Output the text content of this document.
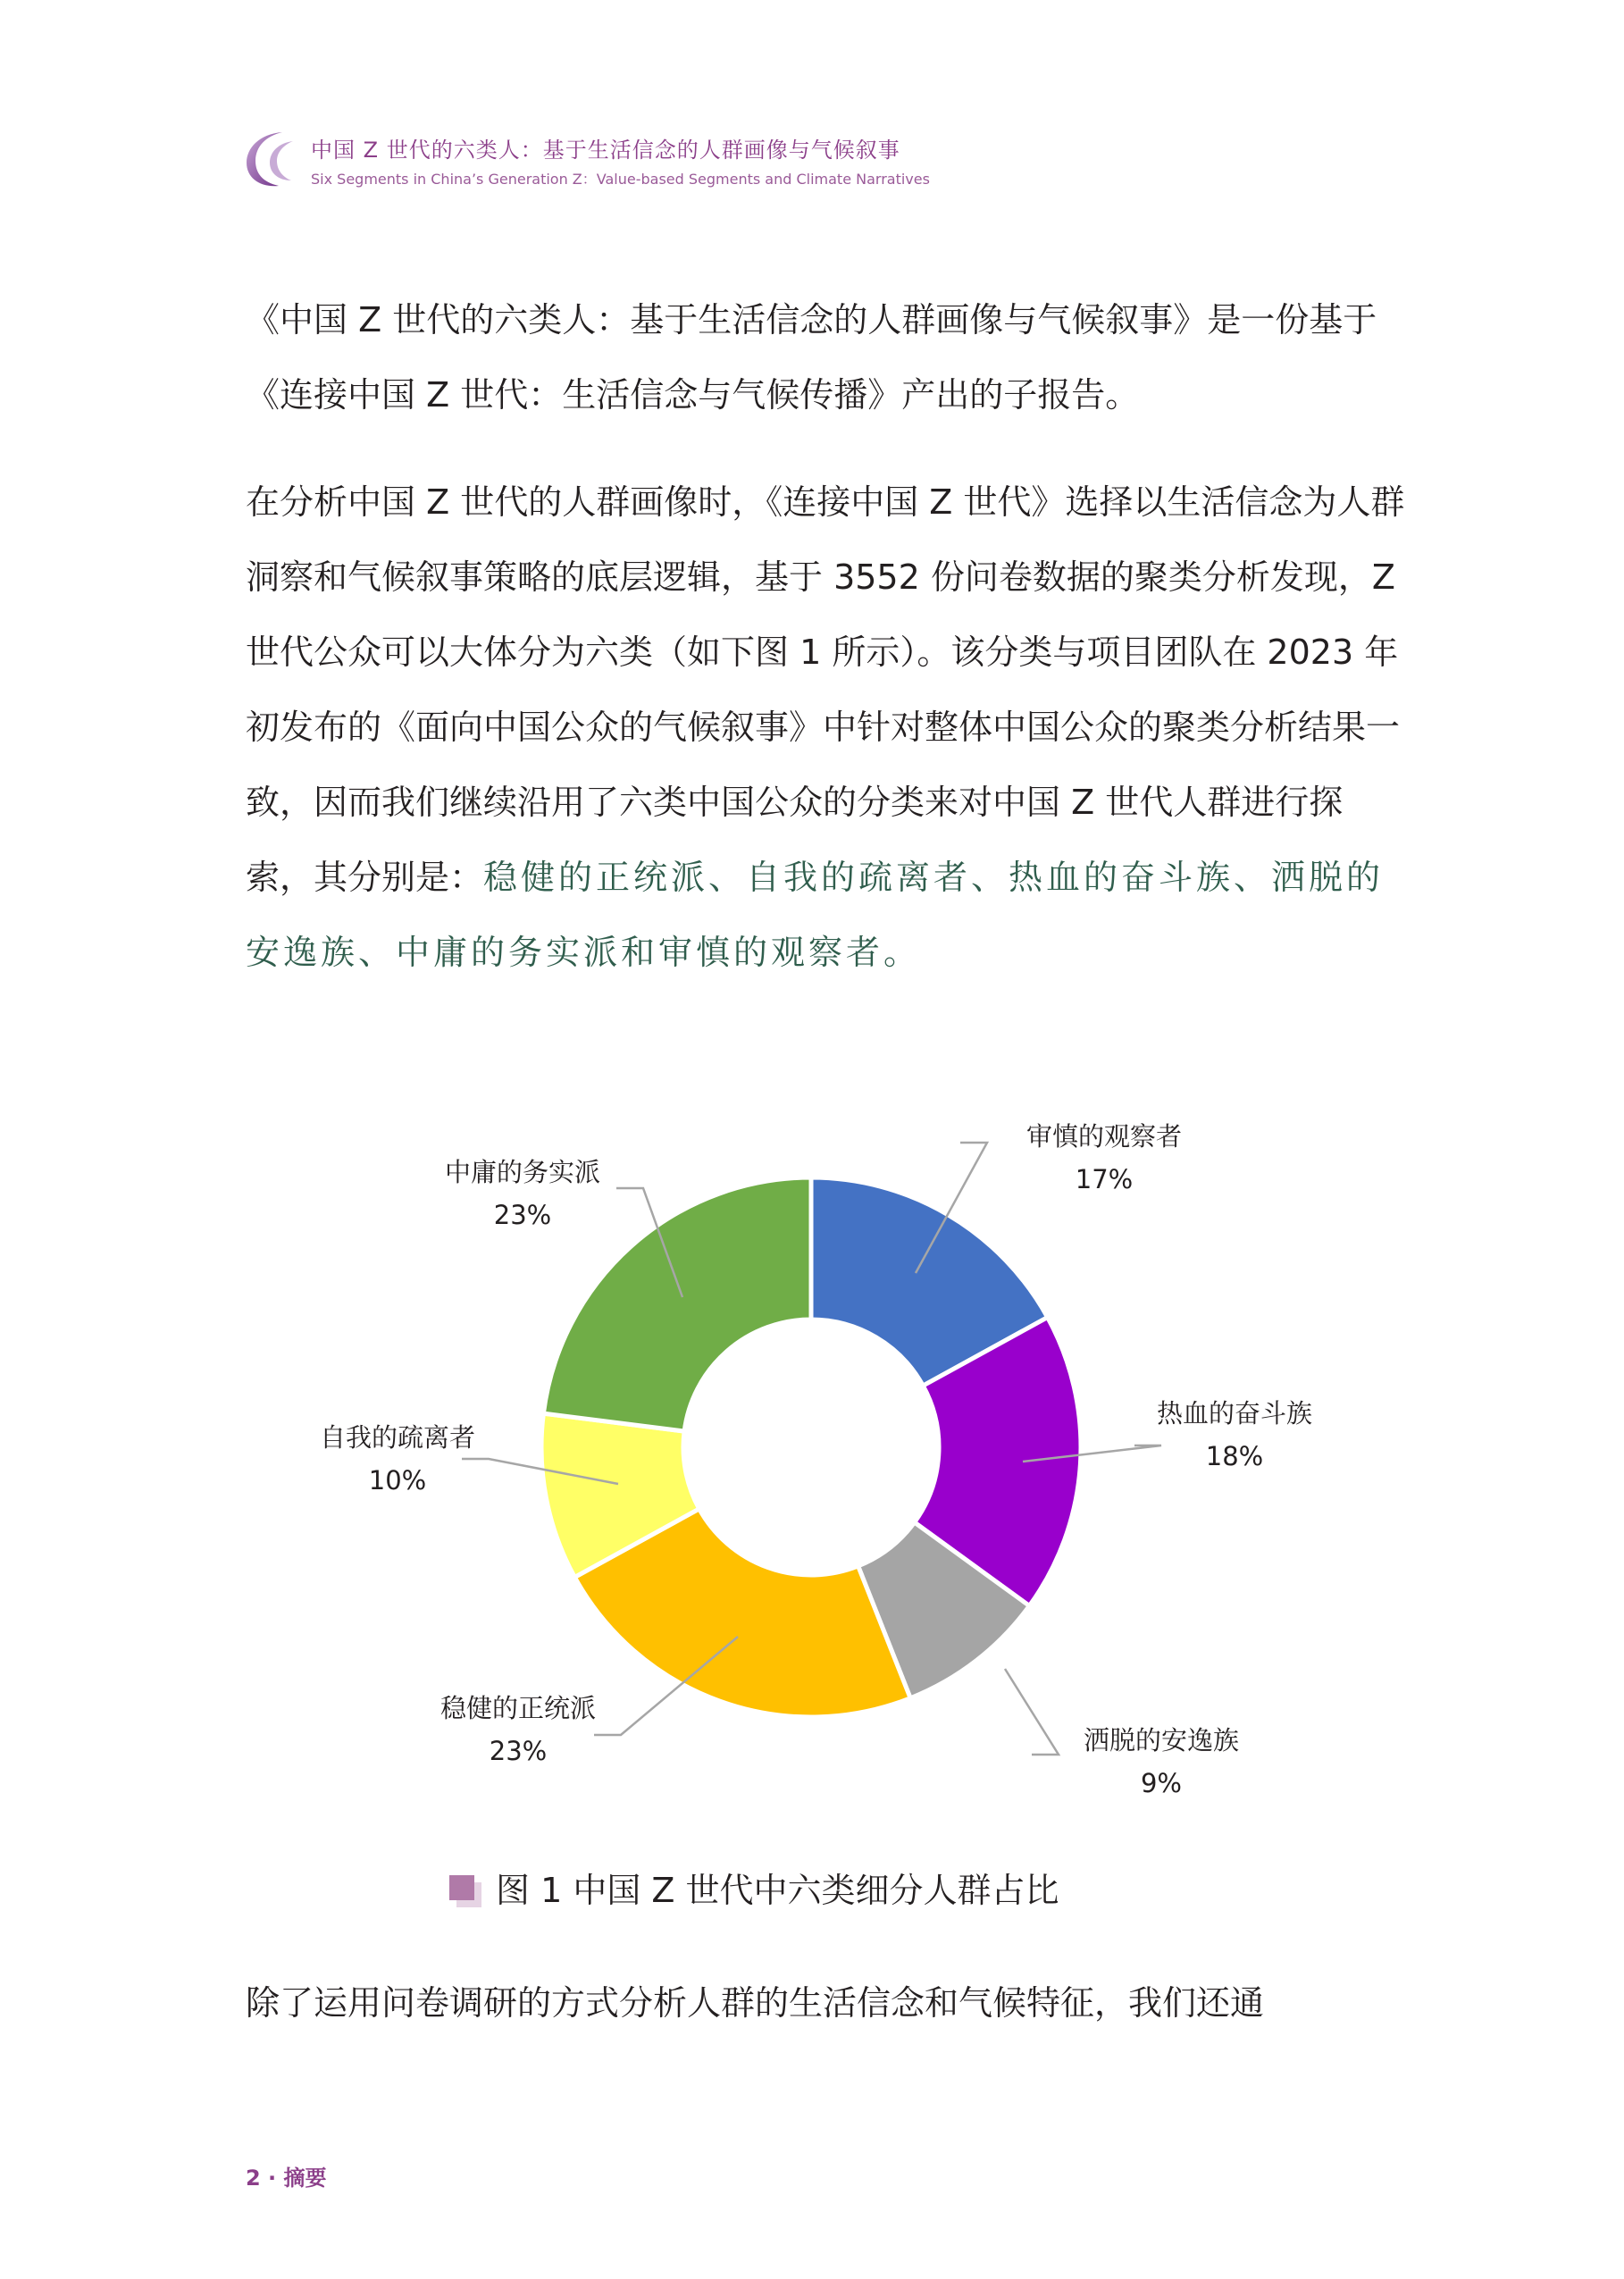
中国 Z 世代的六类人：基于生活信念的人群画像与气候叙事
Six Segments in China’s Generation Z：Value-based Segments and Climate Narratives

《中国 Z 世代的六类人：基于生活信念的人群画像与气候叙事》是一份基于《连接中国 Z 世代：生活信念与气候传播》产出的子报告。

在分析中国 Z 世代的人群画像时，《连接中国 Z 世代》选择以生活信念为人群洞察和气候叙事策略的底层逻辑，基于 3552 份问卷数据的聚类分析发现，Z 世代公众可以大体分为六类（如下图 1 所示）。该分类与项目团队在 2023 年初发布的《面向中国公众的气候叙事》中针对整体中国公众的聚类分析结果一致，因而我们继续沿用了六类中国公众的分类来对中国 Z 世代人群进行探索，其分别是：稳健的正统派、自我的疏离者、热血的奋斗族、洒脱的安逸族、中庸的务实派和审慎的观察者。

审慎的观察者
17%
热血的奋斗族
18%
洒脱的安逸族
9%
稳健的正统派
23%
自我的疏离者
10%
中庸的务实派
23%
图 1 中国 Z 世代中六类细分人群占比

除了运用问卷调研的方式分析人群的生活信念和气候特征，我们还通

2 · 摘要
